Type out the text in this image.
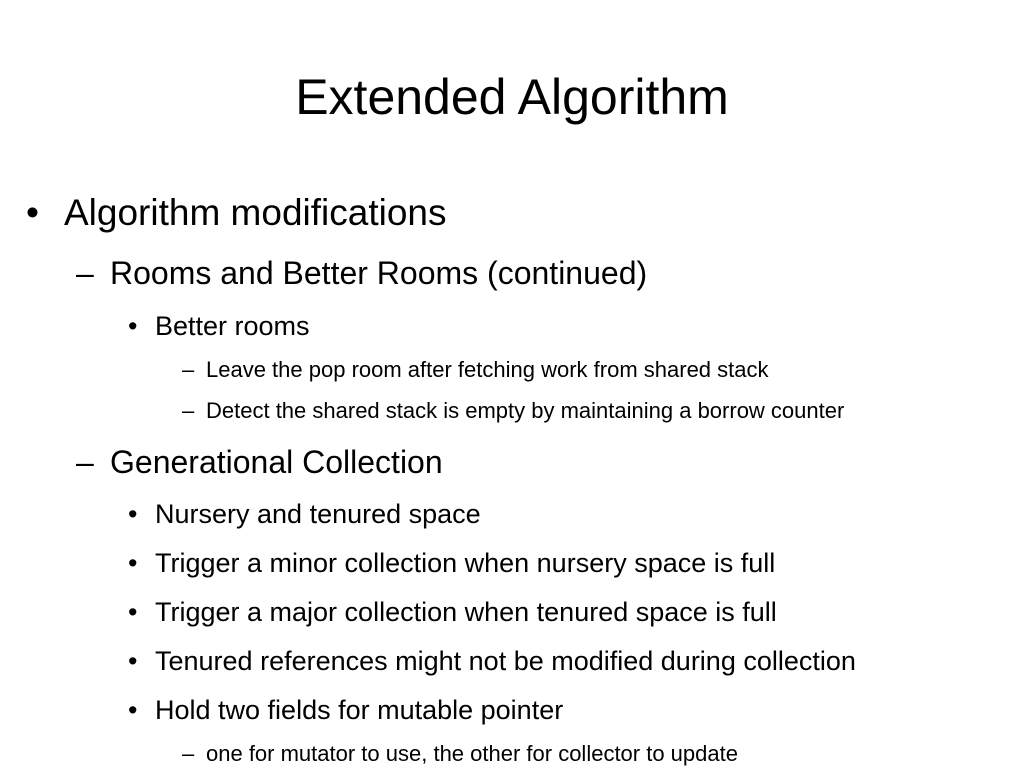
Extended Algorithm
• Algorithm modifications
– Rooms and Better Rooms (continued)
• Better rooms
– Leave the pop room after fetching work from shared stack
– Detect the shared stack is empty by maintaining a borrow counter
– Generational Collection
• Nursery and tenured space
• Trigger a minor collection when nursery space is full
• Trigger a major collection when tenured space is full
• Tenured references might not be modified during collection
• Hold two fields for mutable pointer
– one for mutator to use, the other for collector to update
